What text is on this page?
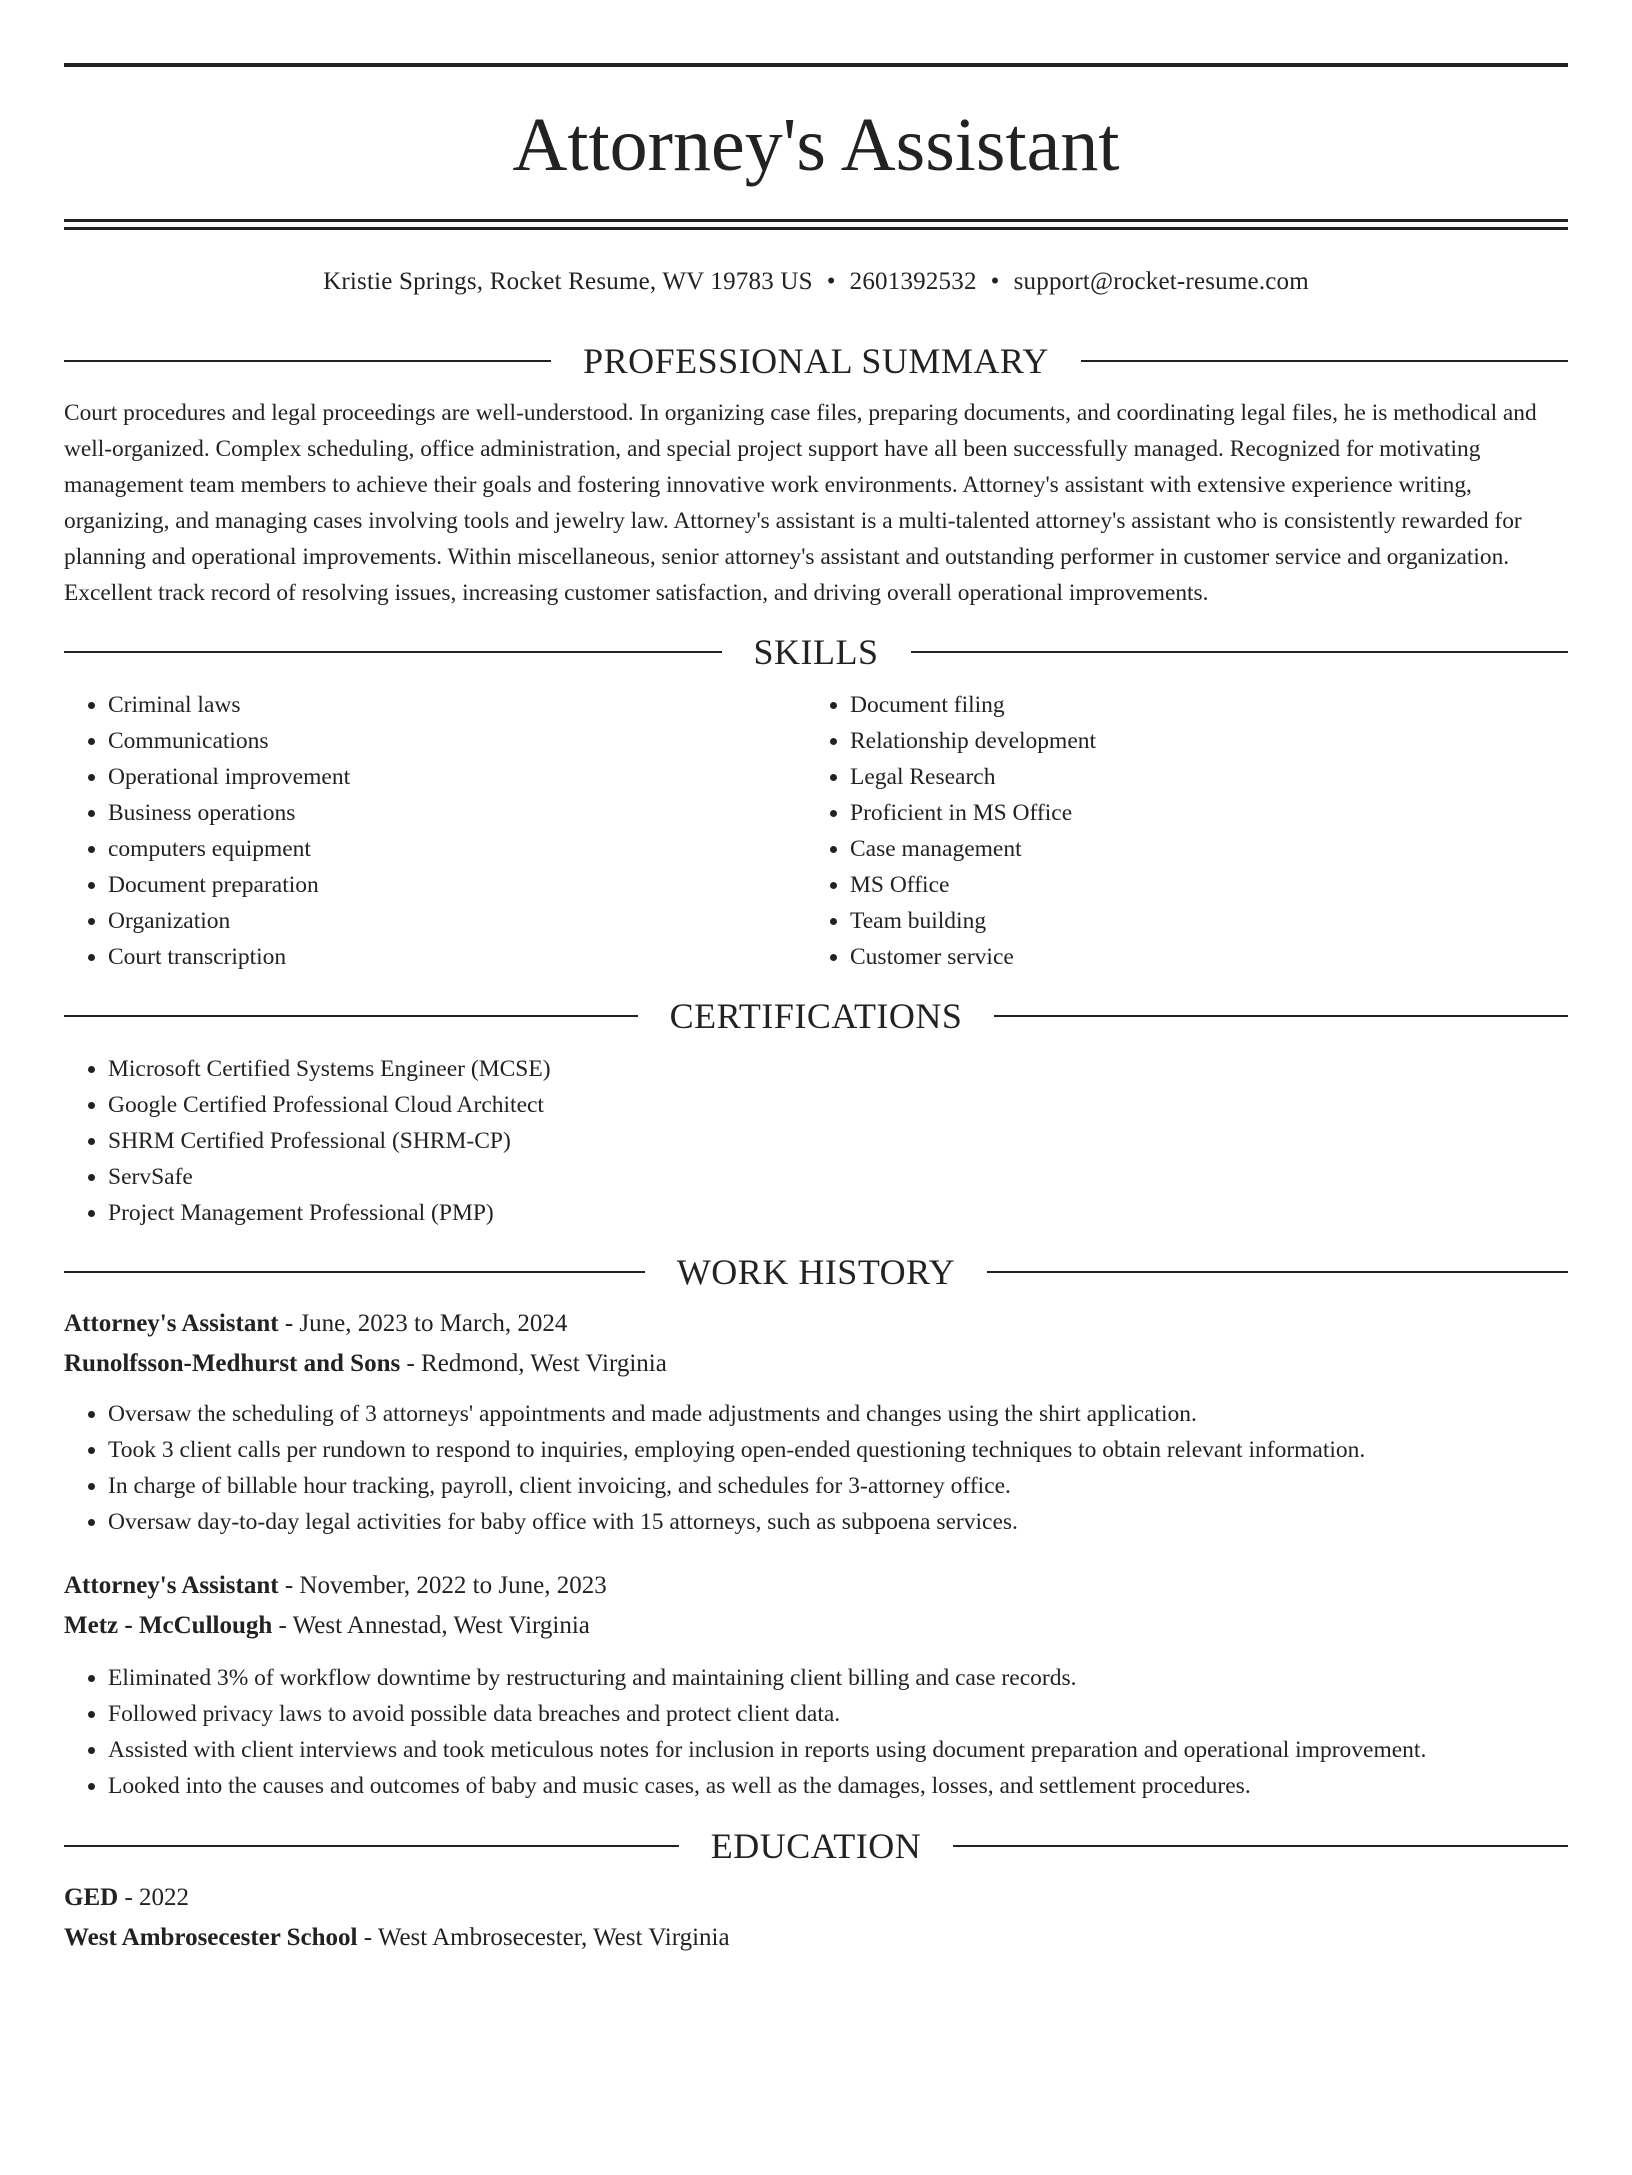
Attorney's Assistant
Kristie Springs, Rocket Resume, WV 19783 US • 2601392532 • support@rocket-resume.com
PROFESSIONAL SUMMARY

Court procedures and legal proceedings are well-understood. In organizing case files, preparing documents, and coordinating legal files, he is methodical and well-organized. Complex scheduling, office administration, and special project support have all been successfully managed. Recognized for motivating management team members to achieve their goals and fostering innovative work environments. Attorney's assistant with extensive experience writing, organizing, and managing cases involving tools and jewelry law. Attorney's assistant is a multi-talented attorney's assistant who is consistently rewarded for planning and operational improvements. Within miscellaneous, senior attorney's assistant and outstanding performer in customer service and organization. Excellent track record of resolving issues, increasing customer satisfaction, and driving overall operational improvements.

SKILLS
• Criminal laws
• Communications
• Operational improvement
• Business operations
• computers equipment
• Document preparation
• Organization
• Court transcription
• Document filing
• Relationship development
• Legal Research
• Proficient in MS Office
• Case management
• MS Office
• Team building
• Customer service
CERTIFICATIONS
• Microsoft Certified Systems Engineer (MCSE)
• Google Certified Professional Cloud Architect
• SHRM Certified Professional (SHRM-CP)
• ServSafe
• Project Management Professional (PMP)
WORK HISTORY
Attorney's Assistant - June, 2023 to March, 2024
Runolfsson-Medhurst and Sons - Redmond, West Virginia
• Oversaw the scheduling of 3 attorneys' appointments and made adjustments and changes using the shirt application.
• Took 3 client calls per rundown to respond to inquiries, employing open-ended questioning techniques to obtain relevant information.
• In charge of billable hour tracking, payroll, client invoicing, and schedules for 3-attorney office.
• Oversaw day-to-day legal activities for baby office with 15 attorneys, such as subpoena services.
Attorney's Assistant - November, 2022 to June, 2023
Metz - McCullough - West Annestad, West Virginia
• Eliminated 3% of workflow downtime by restructuring and maintaining client billing and case records.
• Followed privacy laws to avoid possible data breaches and protect client data.
• Assisted with client interviews and took meticulous notes for inclusion in reports using document preparation and operational improvement.
• Looked into the causes and outcomes of baby and music cases, as well as the damages, losses, and settlement procedures.
EDUCATION
GED - 2022
West Ambrosecester School - West Ambrosecester, West Virginia
